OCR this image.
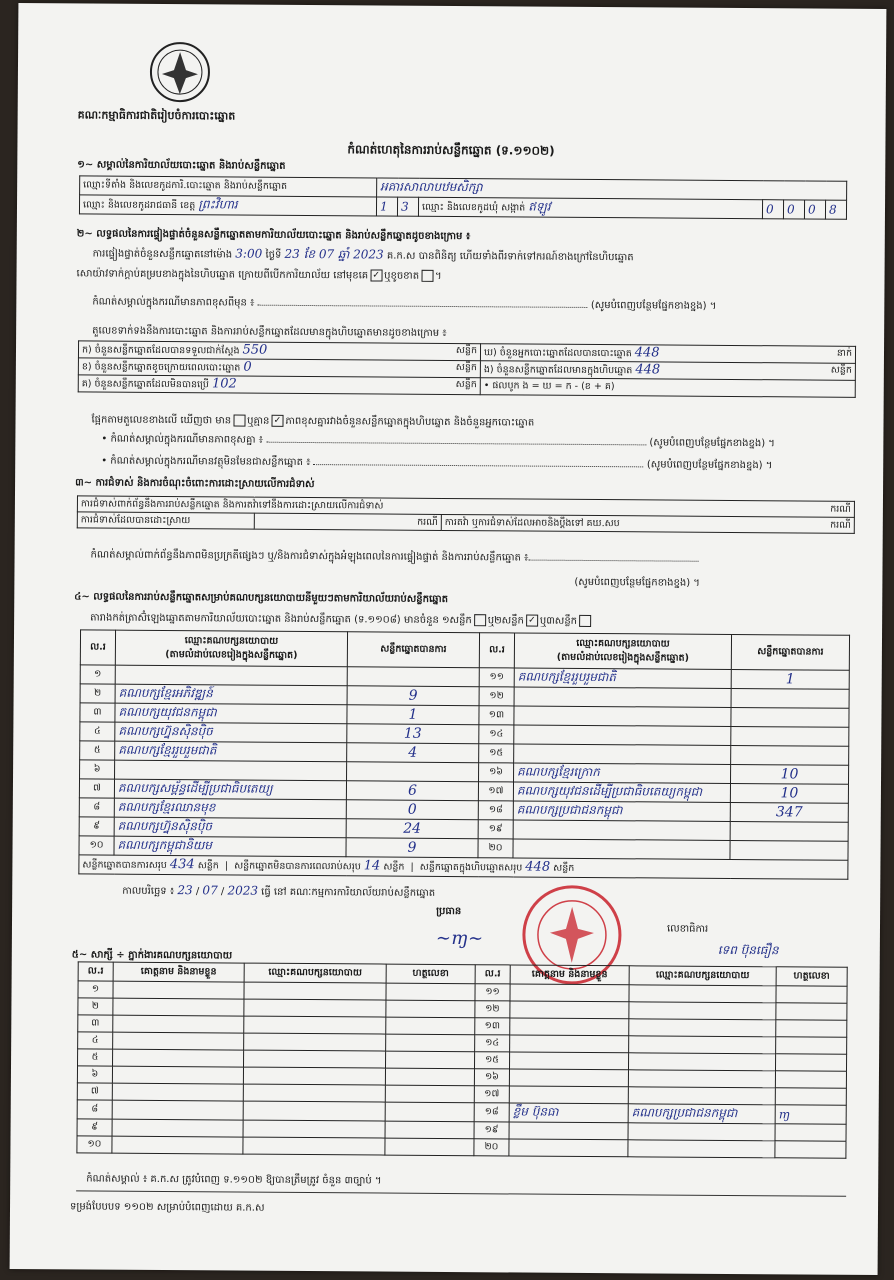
គណៈកម្មាធិការជាតិរៀបចំការបោះឆ្នោត
កំណត់ហេតុនៃការរាប់សន្លឹកឆ្នោត (ទ.១១០២)
១~ សម្គាល់នៃការិយាល័យបោះឆ្នោត និងរាប់សន្លឹកឆ្នោត
ឈ្មោះទីតាំង និងលេខកូដការិ.បោះឆ្នោត និងរាប់សន្លឹកឆ្នោត	អគារសាលាបឋមសិក្សា						
ឈ្មោះ និងលេខកូដរាជធានី ខេត្ត ព្រះវិហារ	1	3	ឈ្មោះ និងលេខកូដឃុំ សង្កាត់ ឥឡូវ	0	0	0	8
២~ លទ្ធផលនៃការផ្ទៀងផ្ទាត់ចំនួនសន្លឹកឆ្នោតតាមការិយាល័យបោះឆ្នោត និងរាប់សន្លឹកឆ្នោតដូចខាងក្រោម ៖
ការផ្ទៀងផ្ទាត់ចំនួនសន្លឹកឆ្នោតនៅម៉ោង 3:00 ថ្ងៃទី 23 ខែ 07 ឆ្នាំ 2023 គ.ក.ស បានពិនិត្យ ហើយទាំងពីរទាក់ទៅករណ៍ខាងក្រៅនៃហិបឆ្នោត
សោយ៉ាវទាក់ក្ដាប់គម្របខាងក្នុងនៃហិបឆ្នោត ក្រោយពីបើកការិយាល័យ នៅមុខគេ ✓ ឬខូចខាត ។
កំណត់សម្គាល់ក្នុងករណីមានភាពខុសពីមុន ៖	(សូមបំពេញបន្ថែមផ្នែកខាងខ្នង) ។
តួលេខទាក់ទងនឹងការបោះឆ្នោត និងការរាប់សន្លឹកឆ្នោតដែលមានក្នុងហិបឆ្នោតមានដូចខាងក្រោម ៖
ក) ចំនួនសន្លឹកឆ្នោតដែលបានទទួលជាក់ស្ដែង 550 សន្លឹក	ឃ) ចំនួនអ្នកបោះឆ្នោតដែលបានបោះឆ្នោត 448 នាក់

ខ) ចំនួនសន្លឹកឆ្នោតខូចក្រោយពេលបោះឆ្នោត 0 សន្លឹក	ង) ចំនួនសន្លឹកឆ្នោតដែលមានក្នុងហិបឆ្នោត 448 សន្លឹក

គ) ចំនួនសន្លឹកឆ្នោតដែលមិនបានប្រើ 102 សន្លឹក	• ផលបូក ង = ឃ = ក - (ខ + គ)
ផ្អែកតាមតួលេខខាងលើ ឃើញថា មាន ឬគ្មាន ✓ ភាពខុសគ្នារវាងចំនួនសន្លឹកឆ្នោតក្នុងហិបឆ្នោត និងចំនួនអ្នកបោះឆ្នោត
• កំណត់សម្គាល់ក្នុងករណីមានភាពខុសគ្នា ៖	(សូមបំពេញបន្ថែមផ្នែកខាងខ្នង) ។
• កំណត់សម្គាល់ក្នុងករណីមានវត្ថុមិនមែនជាសន្លឹកឆ្នោត ៖	(សូមបំពេញបន្ថែមផ្នែកខាងខ្នង) ។
៣~ ការជំទាស់ និងការចំណុះចំពោះការដោះស្រាយលើការជំទាស់
ការជំទាស់ពាក់ព័ន្ធនឹងការរាប់សន្លឹកឆ្នោត និងការតវ៉ាទៅនឹងការដោះស្រាយលើការជំទាស់	ករណី

ការជំទាស់ដែលបានដោះស្រាយ	ករណី	ការតវ៉ា ឬការជំទាស់ដែលអាចនិងប្ដឹងទៅ គឃ.សប	ករណី
កំណត់សម្គាល់ពាក់ព័ន្ធនឹងភាពមិនប្រក្រតីផ្សេងៗ ឬ/និងការជំទាស់ក្នុងអំឡុងពេលនៃការផ្ទៀងផ្ទាត់ និងការរាប់សន្លឹកឆ្នោត ៖
(សូមបំពេញបន្ថែមផ្នែកខាងខ្នង) ។
៤~ លទ្ធផលនៃការរាប់សន្លឹកឆ្នោតសម្រាប់គណបក្សនយោបាយនីមួយៗតាមការិយាល័យរាប់សន្លឹកឆ្នោត
តារាងកត់ត្រាស៊ំឡេងឆ្នោតតាមការិយាល័យបោះឆ្នោត និងរាប់សន្លឹកឆ្នោត (ទ.១១០៨) មានចំនួន ១សន្លឹក ឬ២សន្លឹក ✓ ឬ៣សន្លឹក
ល.រ	ឈ្មោះគណបក្សនយោបាយ
(តាមលំដាប់លេខរៀងក្នុងសន្លឹកឆ្នោត)	សន្លឹកឆ្នោតបានការ	ល.រ	ឈ្មោះគណបក្សនយោបាយ
(តាមលំដាប់លេខរៀងក្នុងសន្លឹកឆ្នោត)	សន្លឹកឆ្នោតបានការ
១			១១	គណបក្សខ្មែររួបរួមជាតិ	1
២	គណបក្សខ្មែរអភិវឌ្ឍន៍	9	១២		
៣	គណបក្សយុវជនកម្ពុជា	1	១៣		
៤	គណបក្សហ្វ៊ុនស៊ិនប៉ិច	13	១៤		
៥	គណបក្សខ្មែររួបរួមជាតិ	4	១៥		
៦			១៦	គណបក្សខ្មែរក្រោក	10
៧	គណបក្សសម្ព័ន្ធដើម្បីប្រជាធិបតេយ្យ	6	១៧	គណបក្សយុវជនដើម្បីប្រជាធិបតេយ្យកម្ពុជា	10
៨	គណបក្សខ្មែរឈានមុខ	0	១៨	គណបក្សប្រជាជនកម្ពុជា	347
៩	គណបក្សហ្វ៊ុនស៊ិនប៉ិច	24	១៩		
១០	គណបក្សកម្ពុជានិយម	9	២០		
សន្លឹកឆ្នោតបានការសរុប 434 សន្លឹក  |  សន្លឹកឆ្នោតមិនបានការពេលរាប់សរុប 14 សន្លឹក  |  សន្លឹកឆ្នោតក្នុងហិបឆ្នោតសរុប 448 សន្លឹក					
កាលបរិច្ឆេទ ៖ 23 / 07 / 2023 ធ្វើ នៅ គណៈកម្មការការិយាល័យរាប់សន្លឹកឆ្នោត
ប្រធាន
~ɱ~	លេខាធិការ
ទេព ប៊ុនធឿន
៥~ សាក្សី ÷ ភ្នាក់ងារគណបក្សនយោបាយ
ល.រ	គោត្តនាម និងនាមខ្លួន	ឈ្មោះគណបក្សនយោបាយ	ហត្ថលេខា	ល.រ	គោត្តនាម និងនាមខ្លួន	ឈ្មោះគណបក្សនយោបាយ	ហត្ថលេខា
១				១១			
២				១២			
៣				១៣			
៤				១៤			
៥				១៥			
៦				១៦			
៧				១៧			
៨				១៨	ខ្លឹម ប៊ុនធា	គណបក្សប្រជាជនកម្ពុជា	ɱ
៩				១៩			
១០				២០			
កំណត់សម្គាល់ ៖ គ.ក.ស ត្រូវបំពេញ ទ.១១០២ ឱ្យបានត្រឹមត្រូវ ចំនួន ៣ច្បាប់ ។
ទម្រង់បែបបទ ១១០២ សម្រាប់បំពេញដោយ គ.ក.ស
